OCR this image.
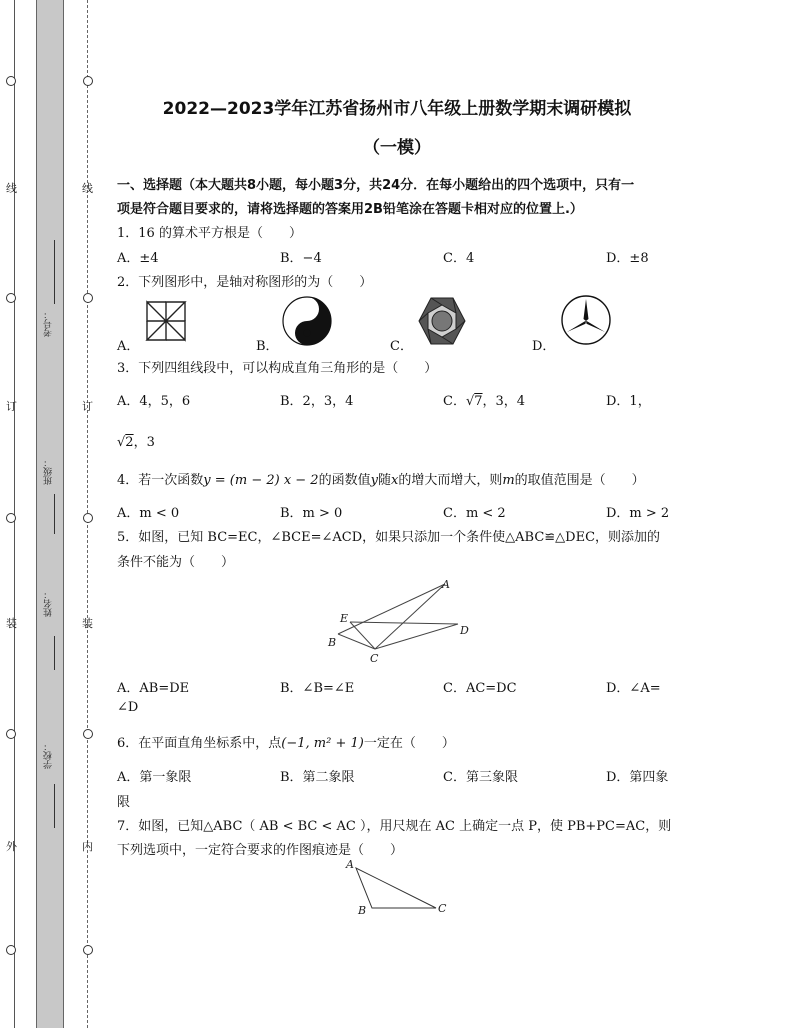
线
订
装
外
线
订
装
内
考号：
班级：
姓名：
学校：
2022—2023学年江苏省扬州市八年级上册数学期末调研模拟
（一模）
一、选择题（本大题共8小题，每小题3分，共24分．在每小题给出的四个选项中，只有一
项是符合题目要求的，请将选择题的答案用2B铅笔涂在答题卡相对应的位置上.）
1．16 的算术平方根是（　　）
A．±4	B．−4	C．4	D．±8
2．下列图形中，是轴对称图形的为（　　）
A．	B．	C．	D．
3．下列四组线段中，可以构成直角三角形的是（　　）
A．4，5，6	B．2，3，4	C．√7，3，4	D．1，
√2，3
4．若一次函数y = (m − 2) x − 2的函数值y随x的增大而增大，则m的取值范围是（　　）
A．m < 0	B．m > 0	C．m < 2	D．m > 2
5．如图，已知 BC=EC，∠BCE=∠ACD，如果只添加一个条件使△ABC≌△DEC，则添加的
条件不能为（　　）
A
B
C
D
E
A．AB=DE	B．∠B=∠E	C．AC=DC	D．∠A=
∠D
6．在平面直角坐标系中，点(−1, m² + 1)一定在（　　）
A．第一象限	B．第二象限	C．第三象限	D．第四象
限
7．如图，已知△ABC（ AB < BC < AC ），用尺规在 AC 上确定一点 P，使 PB+PC=AC，则
下列选项中，一定符合要求的作图痕迹是（　　）
A
B	C
